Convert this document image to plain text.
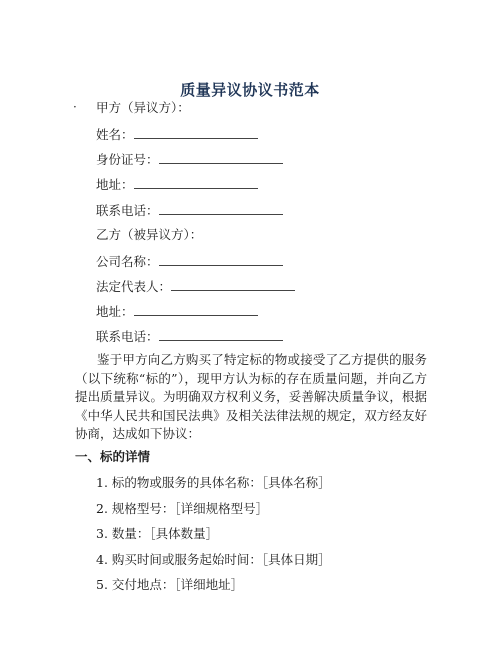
质量异议协议书范本
· 甲方（异议方）：
姓名：
身份证号：
地址：
联系电话：
乙方（被异议方）：
公司名称：
法定代表人：
地址：
联系电话：
鉴于甲方向乙方购买了特定标的物或接受了乙方提供的服务（以下统称“标的”），现甲方认为标的存在质量问题，并向乙方提出质量异议。为明确双方权利义务，妥善解决质量争议，根据《中华人民共和国民法典》及相关法律法规的规定，双方经友好协商，达成如下协议：
一、标的详情
1. 标的物或服务的具体名称：［具体名称］
2. 规格型号：［详细规格型号］
3. 数量：［具体数量］
4. 购买时间或服务起始时间：［具体日期］
5. 交付地点：［详细地址］
